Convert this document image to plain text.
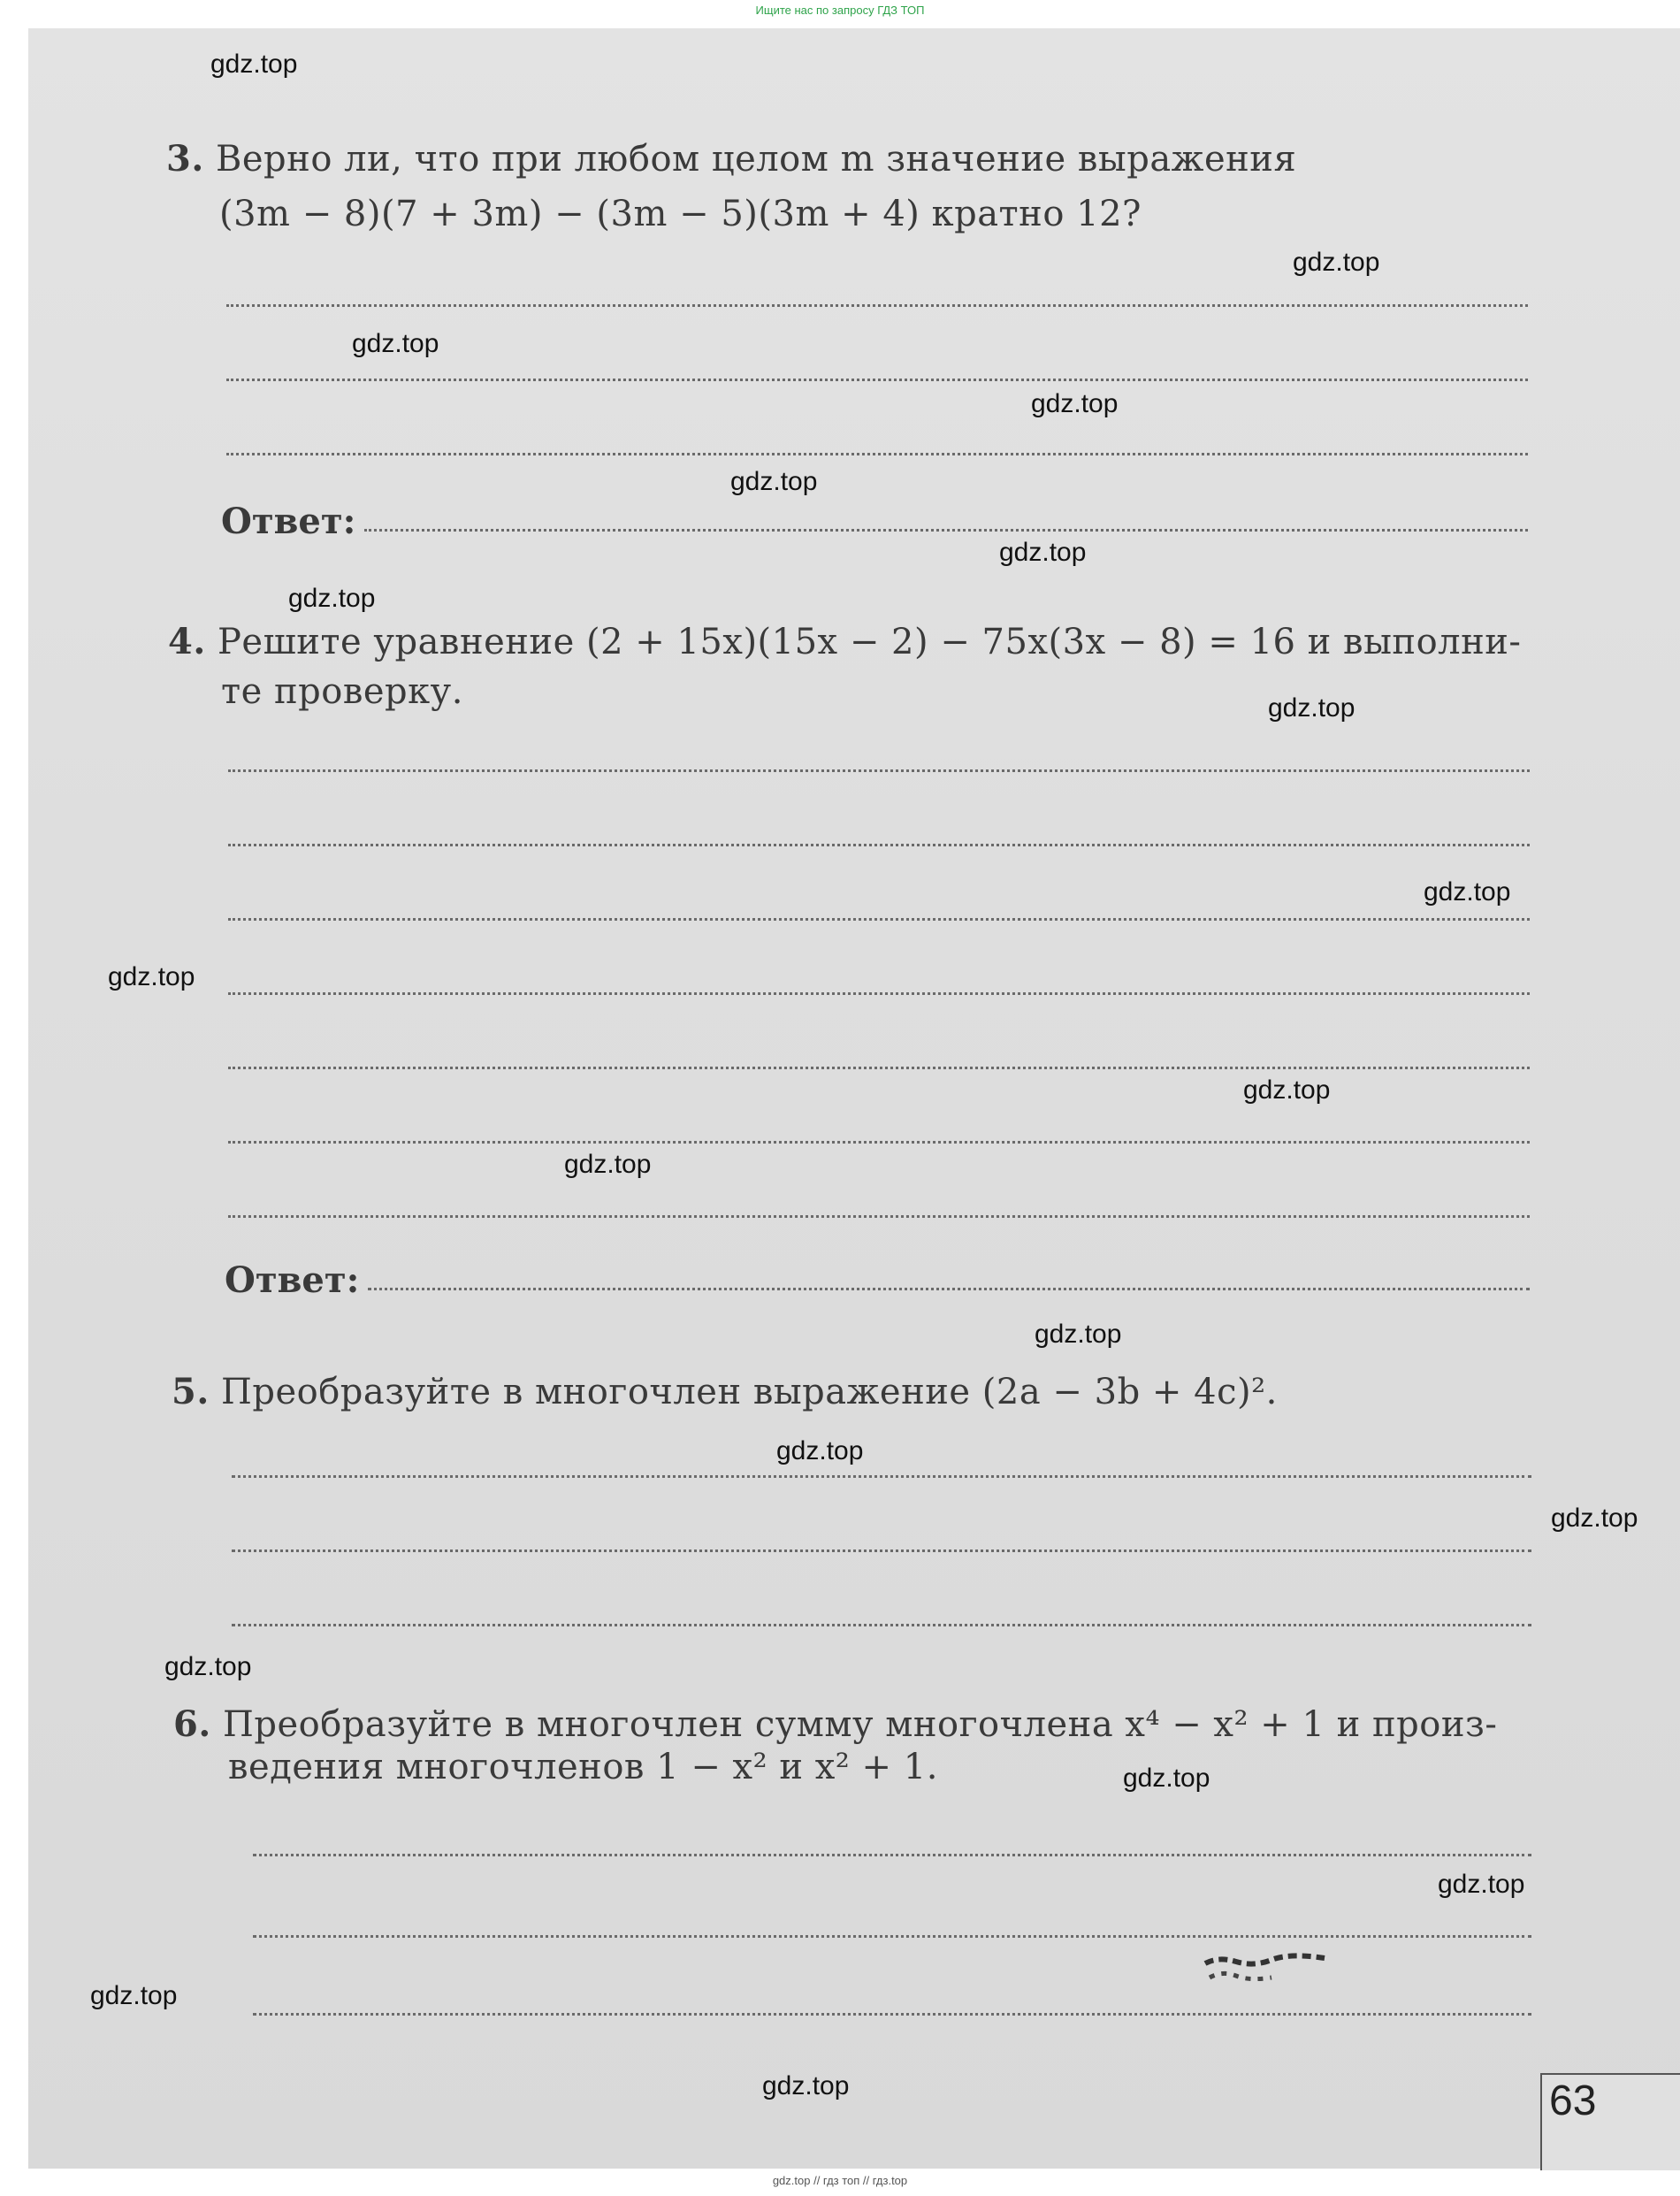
Ищите нас по запросу ГДЗ ТОП
3. Верно ли, что при любом целом m значение выражения
(3m − 8)(7 + 3m) − (3m − 5)(3m + 4) кратно 12?
Ответ:
4. Решите уравнение (2 + 15x)(15x − 2) − 75x(3x − 8) = 16 и выполни-
те проверку.
Ответ:
5. Преобразуйте в многочлен выражение (2a − 3b + 4c)².
6. Преобразуйте в многочлен сумму многочлена x⁴ − x² + 1 и произ-
ведения многочленов 1 − x² и x² + 1.
gdz.top
gdz.top
gdz.top
gdz.top
gdz.top
gdz.top
gdz.top
gdz.top
gdz.top
gdz.top
gdz.top
gdz.top
gdz.top
gdz.top
gdz.top
gdz.top
gdz.top
gdz.top
gdz.top
gdz.top	63
gdz.top // гдз топ // гдз.top
